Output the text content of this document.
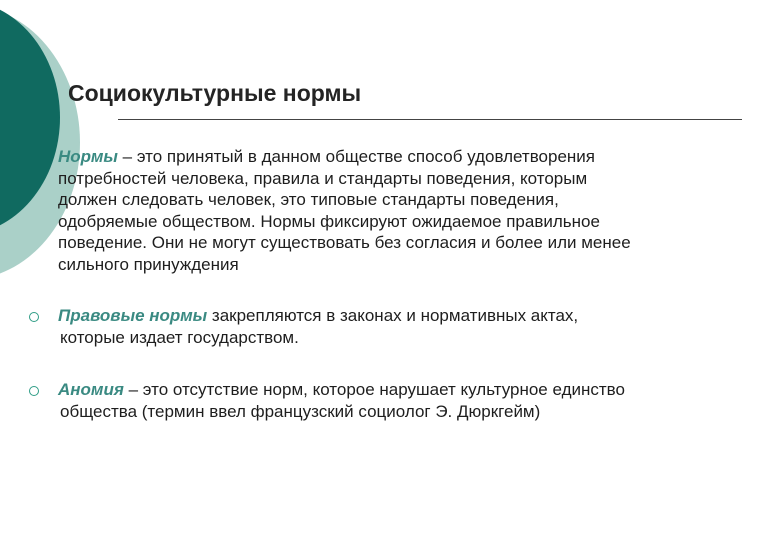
Социокультурные нормы
Нормы – это принятый в данном обществе способ удовлетворения
потребностей человека, правила и стандарты поведения, которым
должен следовать человек, это типовые стандарты поведения,
одобряемые обществом. Нормы фиксируют ожидаемое правильное
поведение. Они не могут существовать без согласия и более или менее
сильного принуждения
Правовые нормы закрепляются в законах и нормативных актах,
которые издает государством.
Аномия – это отсутствие норм, которое нарушает культурное единство
общества (термин ввел французский социолог Э. Дюркгейм)
